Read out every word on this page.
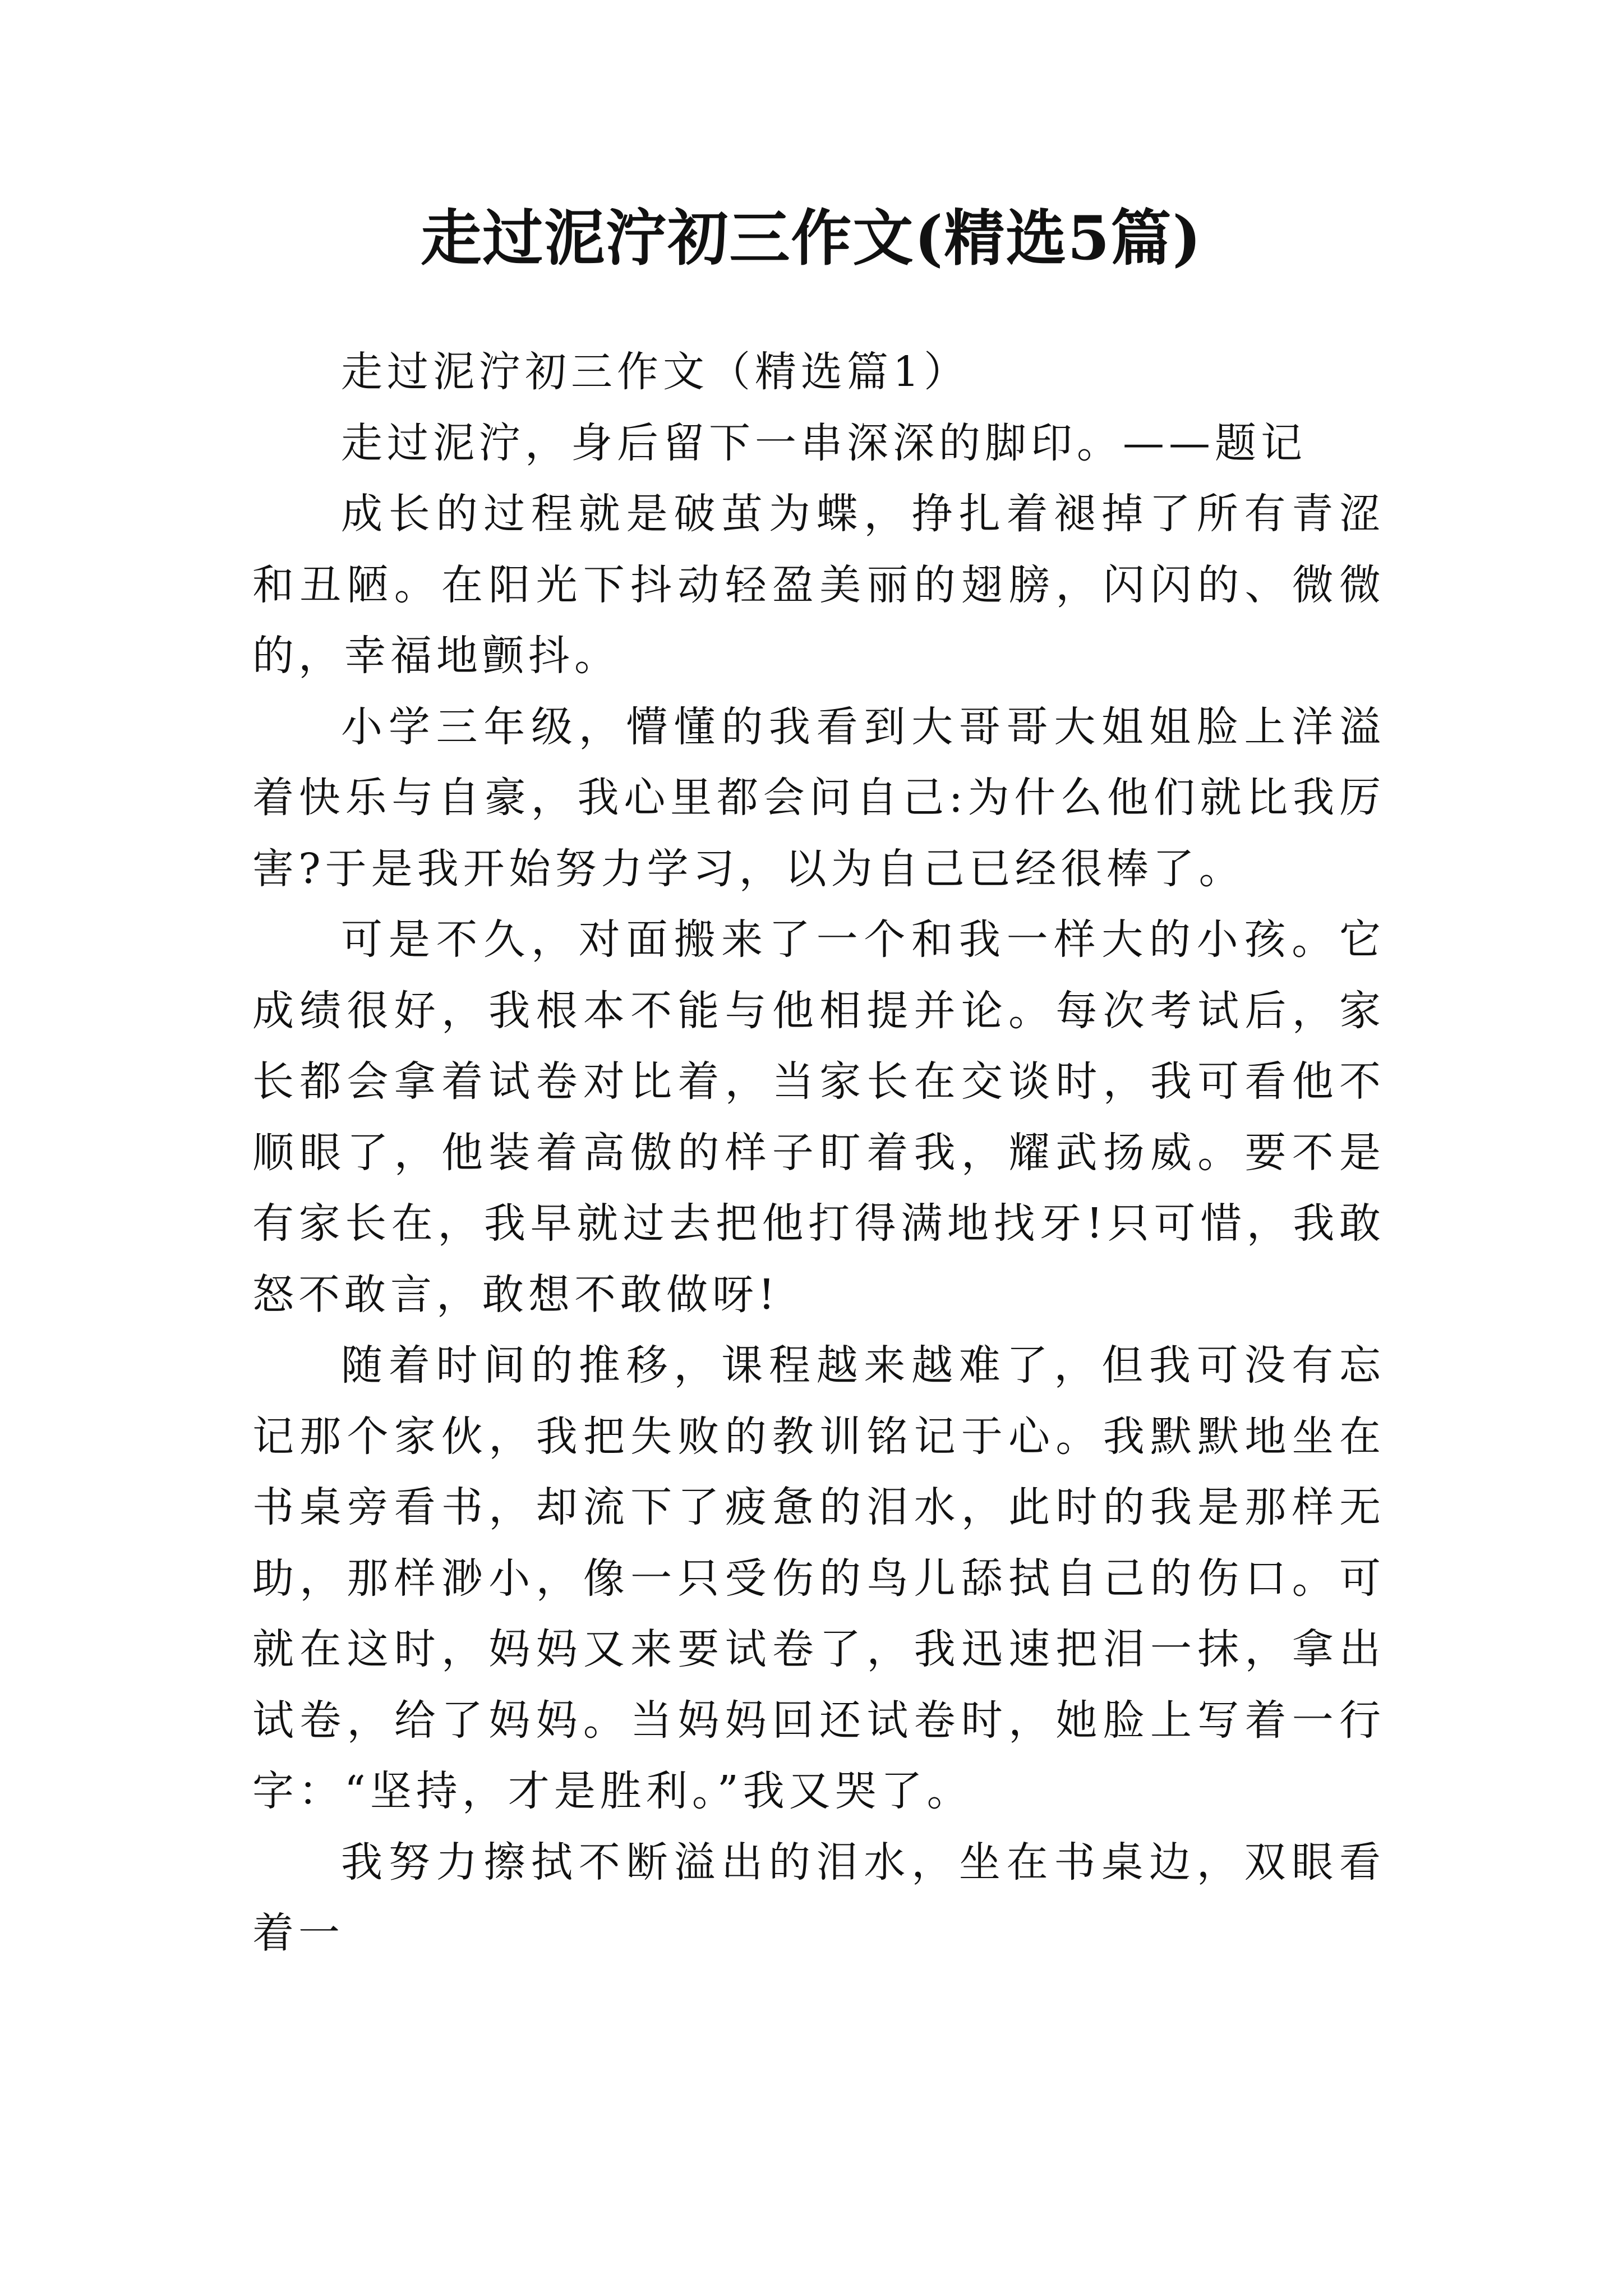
走过泥泞初三作文(精选5篇)

走过泥泞初三作文（精选篇1）

走过泥泞，身后留下一串深深的脚印。——题记

成长的过程就是破茧为蝶，挣扎着褪掉了所有青涩和丑陋。在阳光下抖动轻盈美丽的翅膀，闪闪的、微微的，幸福地颤抖。

小学三年级，懵懂的我看到大哥哥大姐姐脸上洋溢着快乐与自豪，我心里都会问自己:为什么他们就比我厉害?于是我开始努力学习，以为自己已经很棒了。

可是不久，对面搬来了一个和我一样大的小孩。它成绩很好，我根本不能与他相提并论。每次考试后，家长都会拿着试卷对比着，当家长在交谈时，我可看他不顺眼了，他装着高傲的样子盯着我，耀武扬威。要不是有家长在，我早就过去把他打得满地找牙!只可惜，我敢怒不敢言，敢想不敢做呀!

随着时间的推移，课程越来越难了，但我可没有忘记那个家伙，我把失败的教训铭记于心。我默默地坐在书桌旁看书，却流下了疲惫的泪水，此时的我是那样无助，那样渺小，像一只受伤的鸟儿舔拭自己的伤口。可就在这时，妈妈又来要试卷了，我迅速把泪一抹，拿出试卷，给了妈妈。当妈妈回还试卷时，她脸上写着一行字：“坚持，才是胜利。”我又哭了。

我努力擦拭不断溢出的泪水，坐在书桌边，双眼看着一
